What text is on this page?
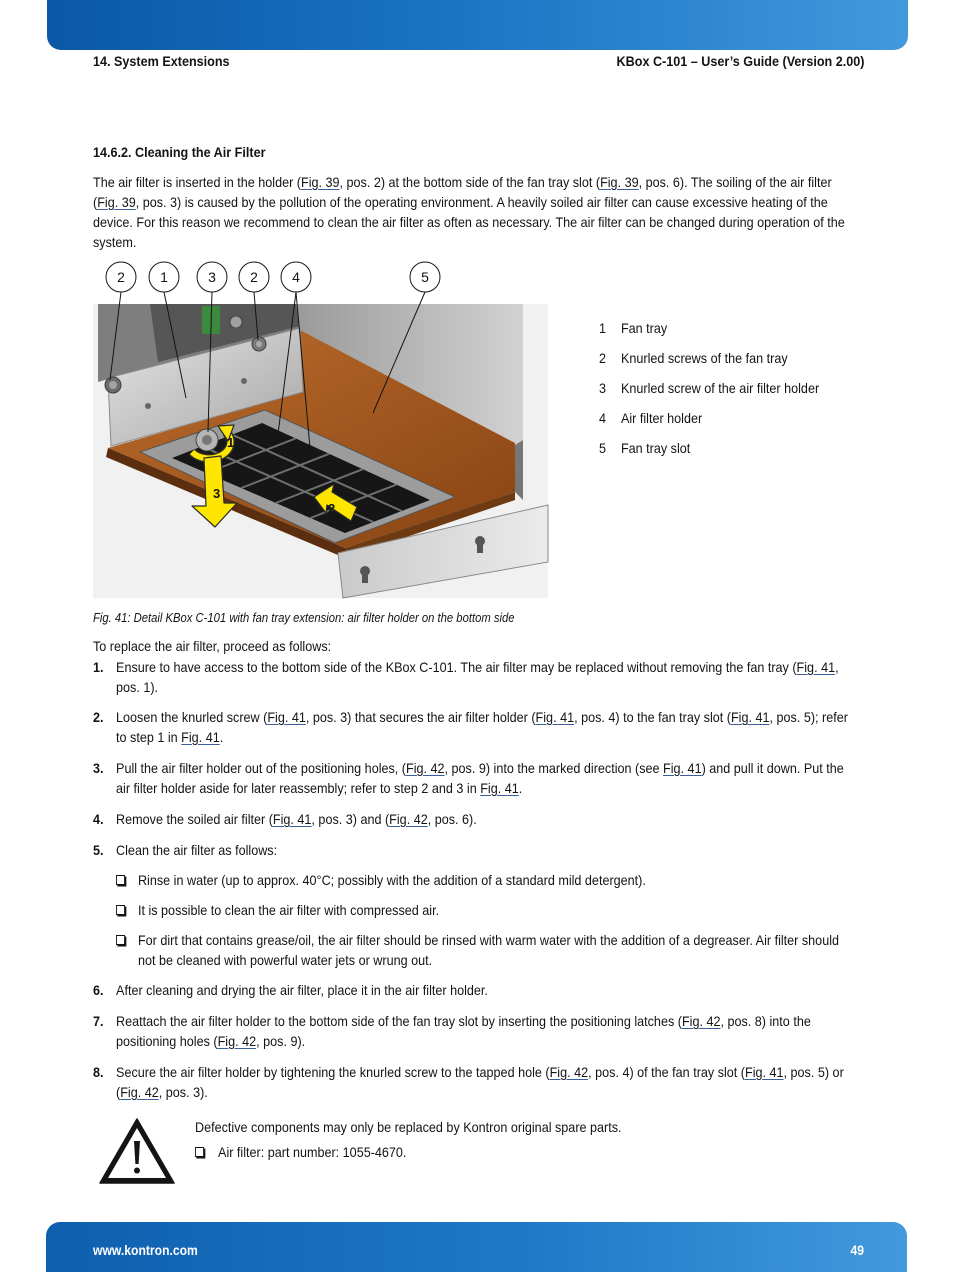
14. System Extensions	KBox C-101 – User’s Guide (Version 2.00)
14.6.2. Cleaning the Air Filter
The air filter is inserted in the holder (Fig. 39, pos. 2) at the bottom side of the fan tray slot (Fig. 39, pos. 6). The soiling of the air filter (Fig. 39, pos. 3) is caused by the pollution of the operating environment. A heavily soiled air filter can cause excessive heating of the device. For this reason we recommend to clean the air filter as often as necessary. The air filter can be changed during operation of the system.
1
3
2
2	1	3 2 4	5
1	Fan tray
2	Knurled screws of the fan tray
3	Knurled screw of the air filter holder
4	Air filter holder
5	Fan tray slot
Fig. 41: Detail KBox C-101 with fan tray extension: air filter holder on the bottom side
To replace the air filter, proceed as follows:
1. Ensure to have access to the bottom side of the KBox C-101. The air filter may be replaced without removing the fan tray (Fig. 41, pos. 1).
2. Loosen the knurled screw (Fig. 41, pos. 3) that secures the air filter holder (Fig. 41, pos. 4) to the fan tray slot (Fig. 41, pos. 5); refer to step 1 in Fig. 41.
3. Pull the air filter holder out of the positioning holes, (Fig. 42, pos. 9) into the marked direction (see Fig. 41) and pull it down. Put the air filter holder aside for later reassembly; refer to step 2 and 3 in Fig. 41.
4. Remove the soiled air filter (Fig. 41, pos. 3) and (Fig. 42, pos. 6).
5. Clean the air filter as follows:
Rinse in water (up to approx. 40°C; possibly with the addition of a standard mild detergent).
It is possible to clean the air filter with compressed air.
For dirt that contains grease/oil, the air filter should be rinsed with warm water with the addition of a degreaser. Air filter should not be cleaned with powerful water jets or wrung out.
6. After cleaning and drying the air filter, place it in the air filter holder.
7. Reattach the air filter holder to the bottom side of the fan tray slot by inserting the positioning latches (Fig. 42, pos. 8) into the positioning holes (Fig. 42, pos. 9).
8. Secure the air filter holder by tightening the knurled screw to the tapped hole (Fig. 42, pos. 4) of the fan tray slot (Fig. 41, pos. 5) or (Fig. 42, pos. 3).
Defective components may only be replaced by Kontron original spare parts.
Air filter: part number: 1055-4670.
www.kontron.com	49
